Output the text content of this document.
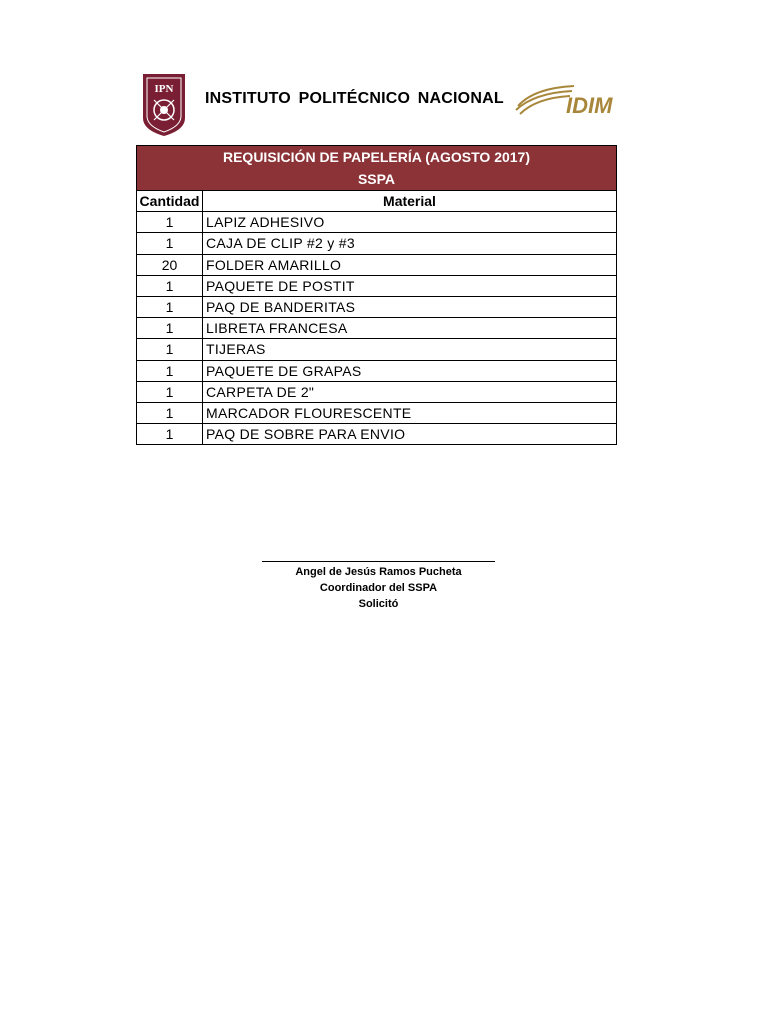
IPN
INSTITUTO POLITÉCNICO NACIONAL	IDIM
REQUISICIÓN DE PAPELERÍA (AGOSTO 2017)
SSPA	

Cantidad	Material
1	LAPIZ ADHESIVO
1	CAJA DE CLIP #2 y #3
20	FOLDER AMARILLO
1	PAQUETE DE POSTIT
1	PAQ DE BANDERITAS
1	LIBRETA FRANCESA
1	TIJERAS
1	PAQUETE DE GRAPAS
1	CARPETA DE 2"
1	MARCADOR FLOURESCENTE
1	PAQ DE SOBRE PARA ENVIO
Angel de Jesús Ramos Pucheta
Coordinador del SSPA
Solicitó
